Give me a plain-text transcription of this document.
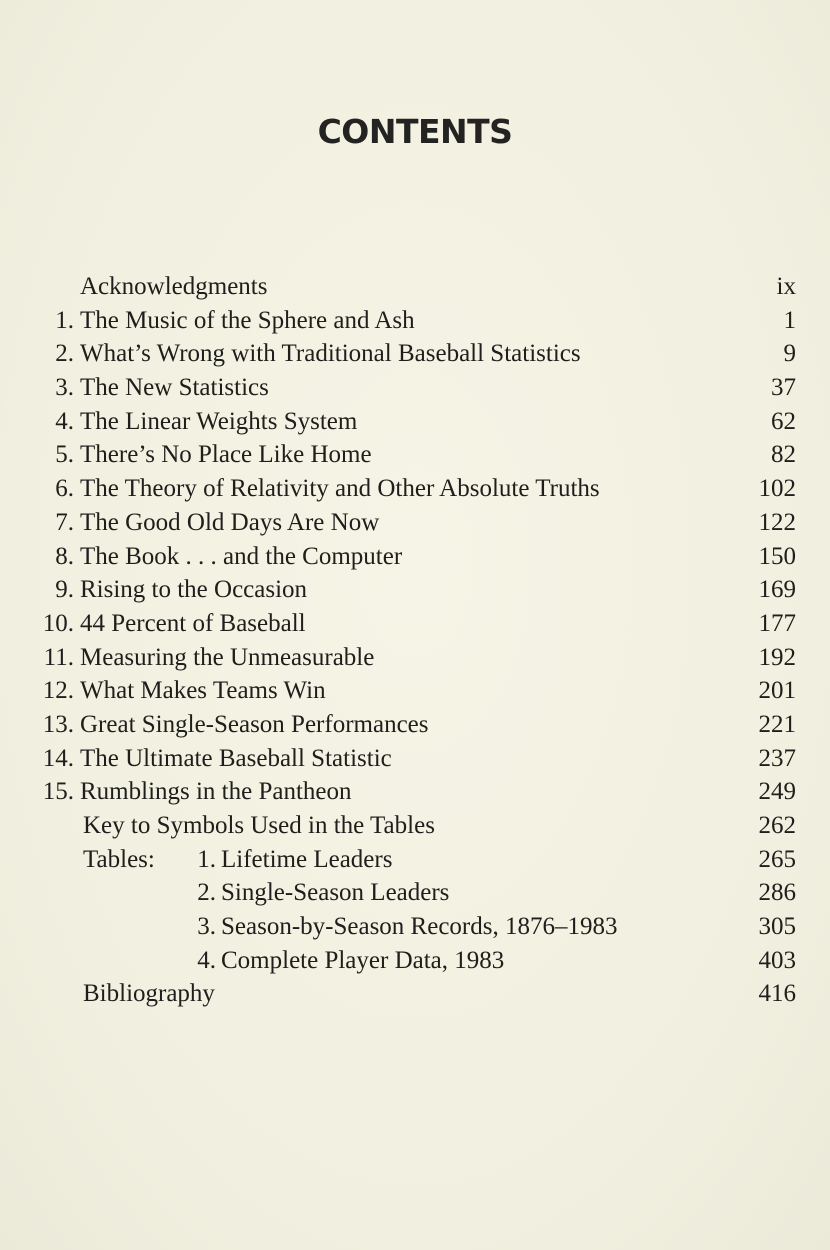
CONTENTS
Acknowledgments	ix
1. The Music of the Sphere and Ash	1
2. What’s Wrong with Traditional Baseball Statistics	9
3. The New Statistics	37
4. The Linear Weights System	62
5. There’s No Place Like Home	82
6. The Theory of Relativity and Other Absolute Truths	102
7. The Good Old Days Are Now	122
8. The Book . . . and the Computer	150
9. Rising to the Occasion	169
10. 44 Percent of Baseball	177
11. Measuring the Unmeasurable	192
12. What Makes Teams Win	201
13. Great Single-Season Performances	221
14. The Ultimate Baseball Statistic	237
15. Rumblings in the Pantheon	249
Key to Symbols Used in the Tables	262
Tables: 1. Lifetime Leaders	265
2. Single-Season Leaders	286
3. Season-by-Season Records, 1876–1983	305
4. Complete Player Data, 1983	403
Bibliography	416
